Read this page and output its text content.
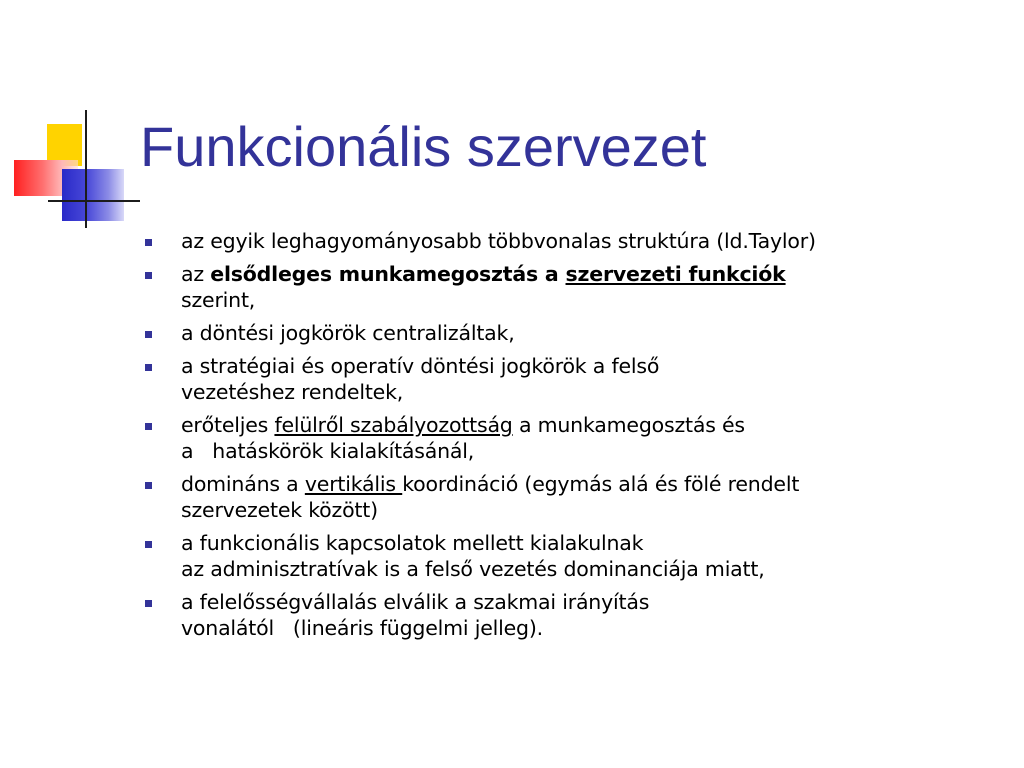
Funkcionális szervezet
az egyik leghagyományosabb többvonalas struktúra (ld.Taylor)
az elsődleges munkamegosztás a szervezeti funkciók
szerint,
a döntési jogkörök centralizáltak,
a stratégiai és operatív döntési jogkörök a felső
vezetéshez rendeltek,
erőteljes felülről szabályozottság a munkamegosztás és
a   hatáskörök kialakításánál,
domináns a vertikális koordináció (egymás alá és fölé rendelt
szervezetek között)
a funkcionális kapcsolatok mellett kialakulnak
az adminisztratívak is a felső vezetés dominanciája miatt,
a felelősségvállalás elválik a szakmai irányítás
vonalától   (lineáris függelmi jelleg).
